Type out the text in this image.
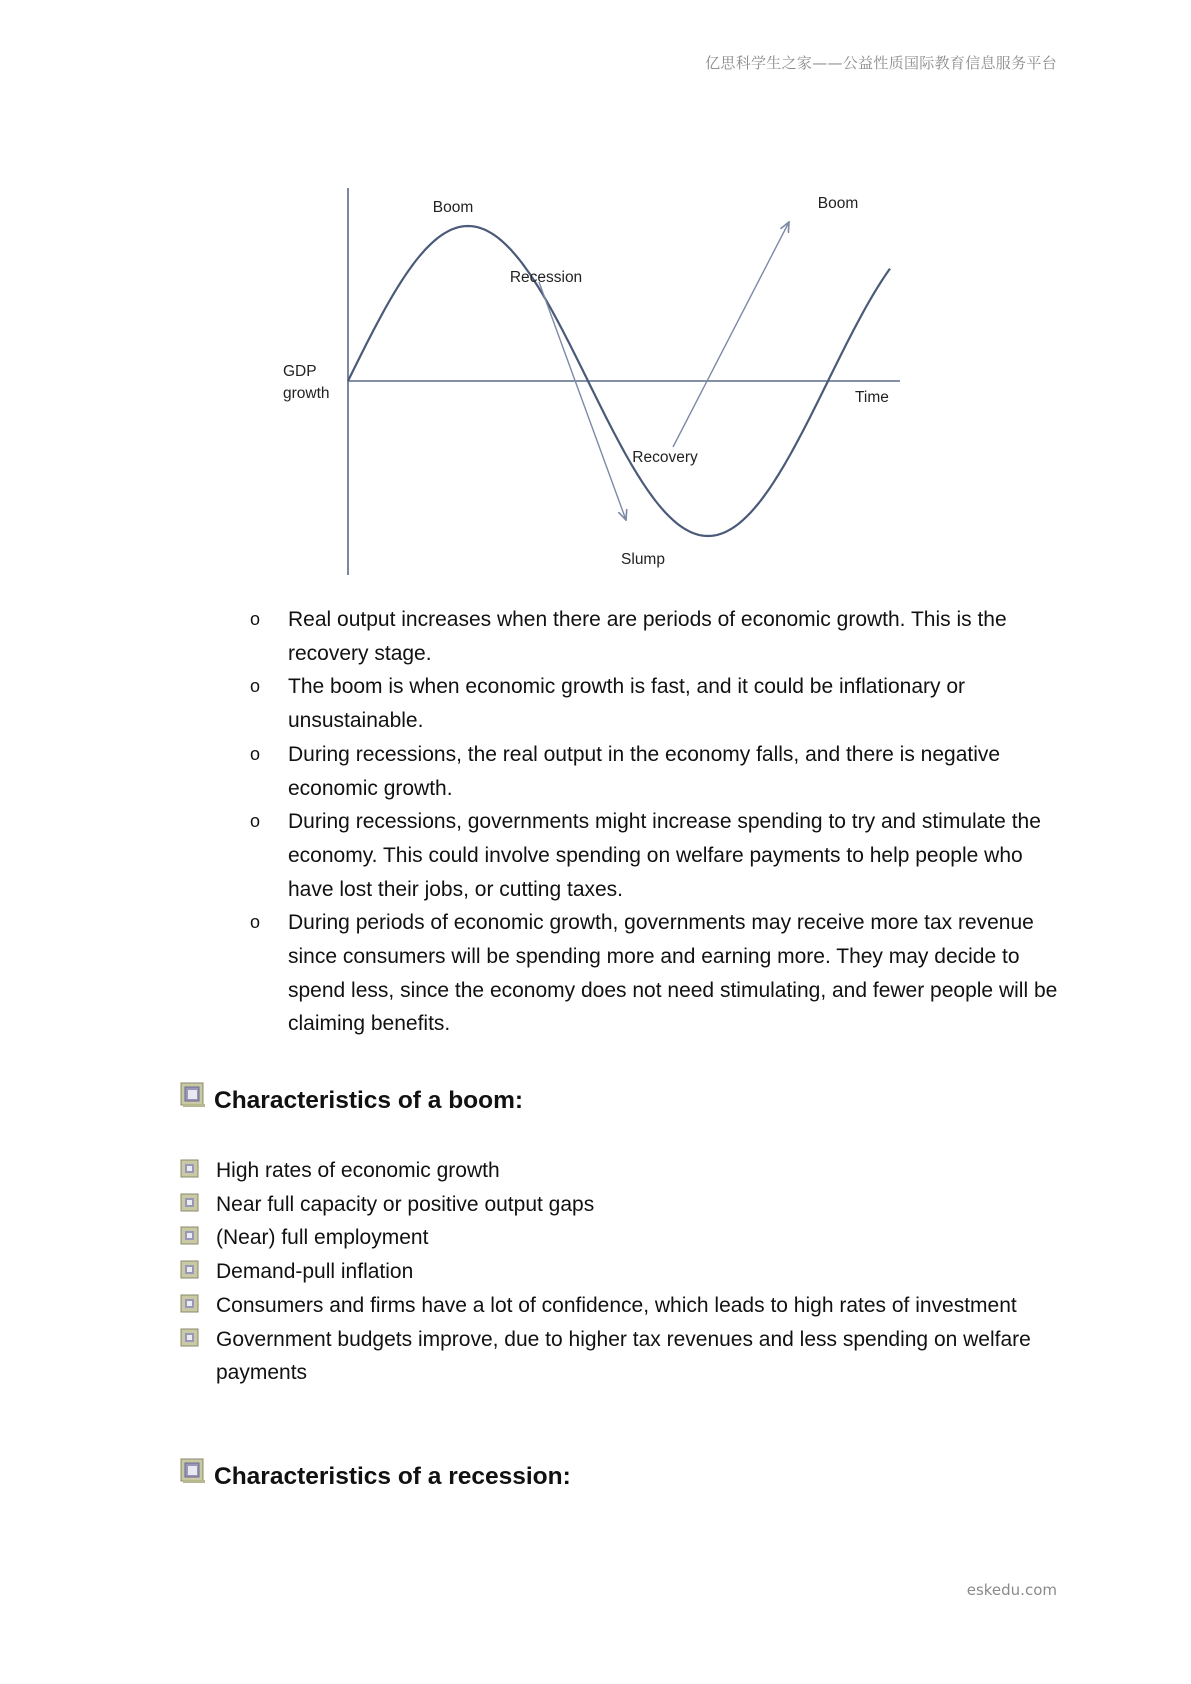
亿思科学生之家——公益性质国际教育信息服务平台
GDP
growth	Time
Boom
Recession
Slump
Recovery
Boom
o Real output increases when there are periods of economic growth. This is the recovery stage.
o The boom is when economic growth is fast, and it could be inflationary or unsustainable.
o During recessions, the real output in the economy falls, and there is negative economic growth.
o During recessions, governments might increase spending to try and stimulate the economy. This could involve spending on welfare payments to help people who have lost their jobs, or cutting taxes.
o During periods of economic growth, governments may receive more tax revenue since consumers will be spending more and earning more. They may decide to spend less, since the economy does not need stimulating, and fewer people will be claiming benefits.
Characteristics of a boom:
High rates of economic growth
Near full capacity or positive output gaps
(Near) full employment
Demand-pull inflation
Consumers and firms have a lot of confidence, which leads to high rates of investment
Government budgets improve, due to higher tax revenues and less spending on welfare payments
Characteristics of a recession:
eskedu.com
